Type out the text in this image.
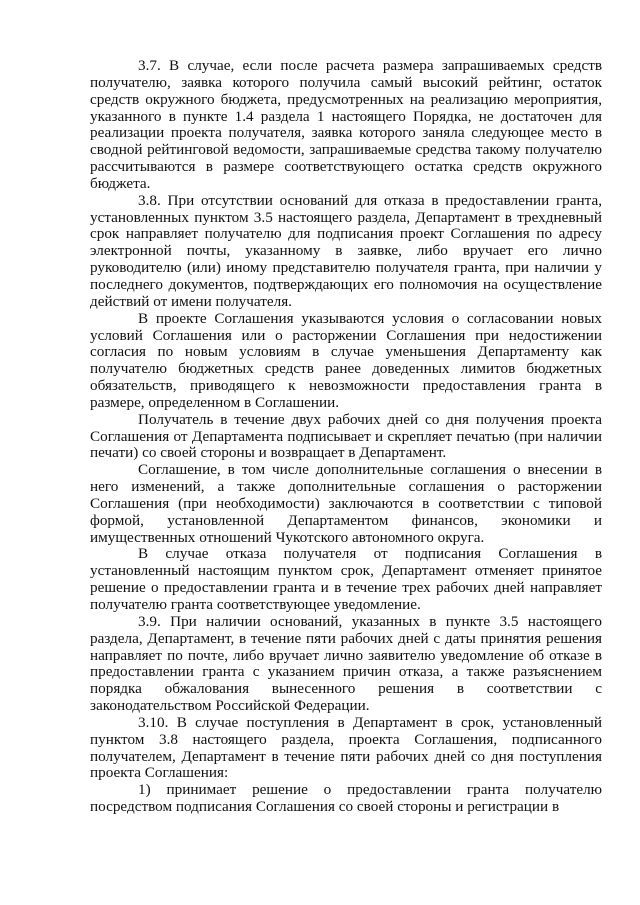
3.7. В случае, если после расчета размера запрашиваемых средств получателю, заявка которого получила самый высокий рейтинг, остаток средств окружного бюджета, предусмотренных на реализацию мероприятия, указанного в пункте 1.4 раздела 1 настоящего Порядка, не достаточен для реализации проекта получателя, заявка которого заняла следующее место в сводной рейтинговой ведомости, запрашиваемые средства такому получателю рассчитываются в размере соответствующего остатка средств окружного бюджета.

3.8. При отсутствии оснований для отказа в предоставлении гранта, установленных пунктом 3.5 настоящего раздела, Департамент в трехдневный срок направляет получателю для подписания проект Соглашения по адресу электронной почты, указанному в заявке, либо вручает его лично руководителю (или) иному представителю получателя гранта, при наличии у последнего документов, подтверждающих его полномочия на осуществление действий от имени получателя.

В проекте Соглашения указываются условия о согласовании новых условий Соглашения или о расторжении Соглашения при недостижении согласия по новым условиям в случае уменьшения Департаменту как получателю бюджетных средств ранее доведенных лимитов бюджетных обязательств, приводящего к невозможности предоставления гранта в размере, определенном в Соглашении.

Получатель в течение двух рабочих дней со дня получения проекта Соглашения от Департамента подписывает и скрепляет печатью (при наличии печати) со своей стороны и возвращает в Департамент.

Соглашение, в том числе дополнительные соглашения о внесении в него изменений, а также дополнительные соглашения о расторжении Соглашения (при необходимости) заключаются в соответствии с типовой формой, установленной Департаментом финансов, экономики и имущественных отношений Чукотского автономного округа.

В случае отказа получателя от подписания Соглашения в установленный настоящим пунктом срок, Департамент отменяет принятое решение о предоставлении гранта и в течение трех рабочих дней направляет получателю гранта соответствующее уведомление.

3.9. При наличии оснований, указанных в пункте 3.5 настоящего раздела, Департамент, в течение пяти рабочих дней с даты принятия решения направляет по почте, либо вручает лично заявителю уведомление об отказе в предоставлении гранта с указанием причин отказа, а также разъяснением порядка обжалования вынесенного решения в соответствии с законодательством Российской Федерации.

3.10. В случае поступления в Департамент в срок, установленный пунктом 3.8 настоящего раздела, проекта Соглашения, подписанного получателем, Департамент в течение пяти рабочих дней со дня поступления проекта Соглашения:

1) принимает решение о предоставлении гранта получателю посредством подписания Соглашения со своей стороны и регистрации в
